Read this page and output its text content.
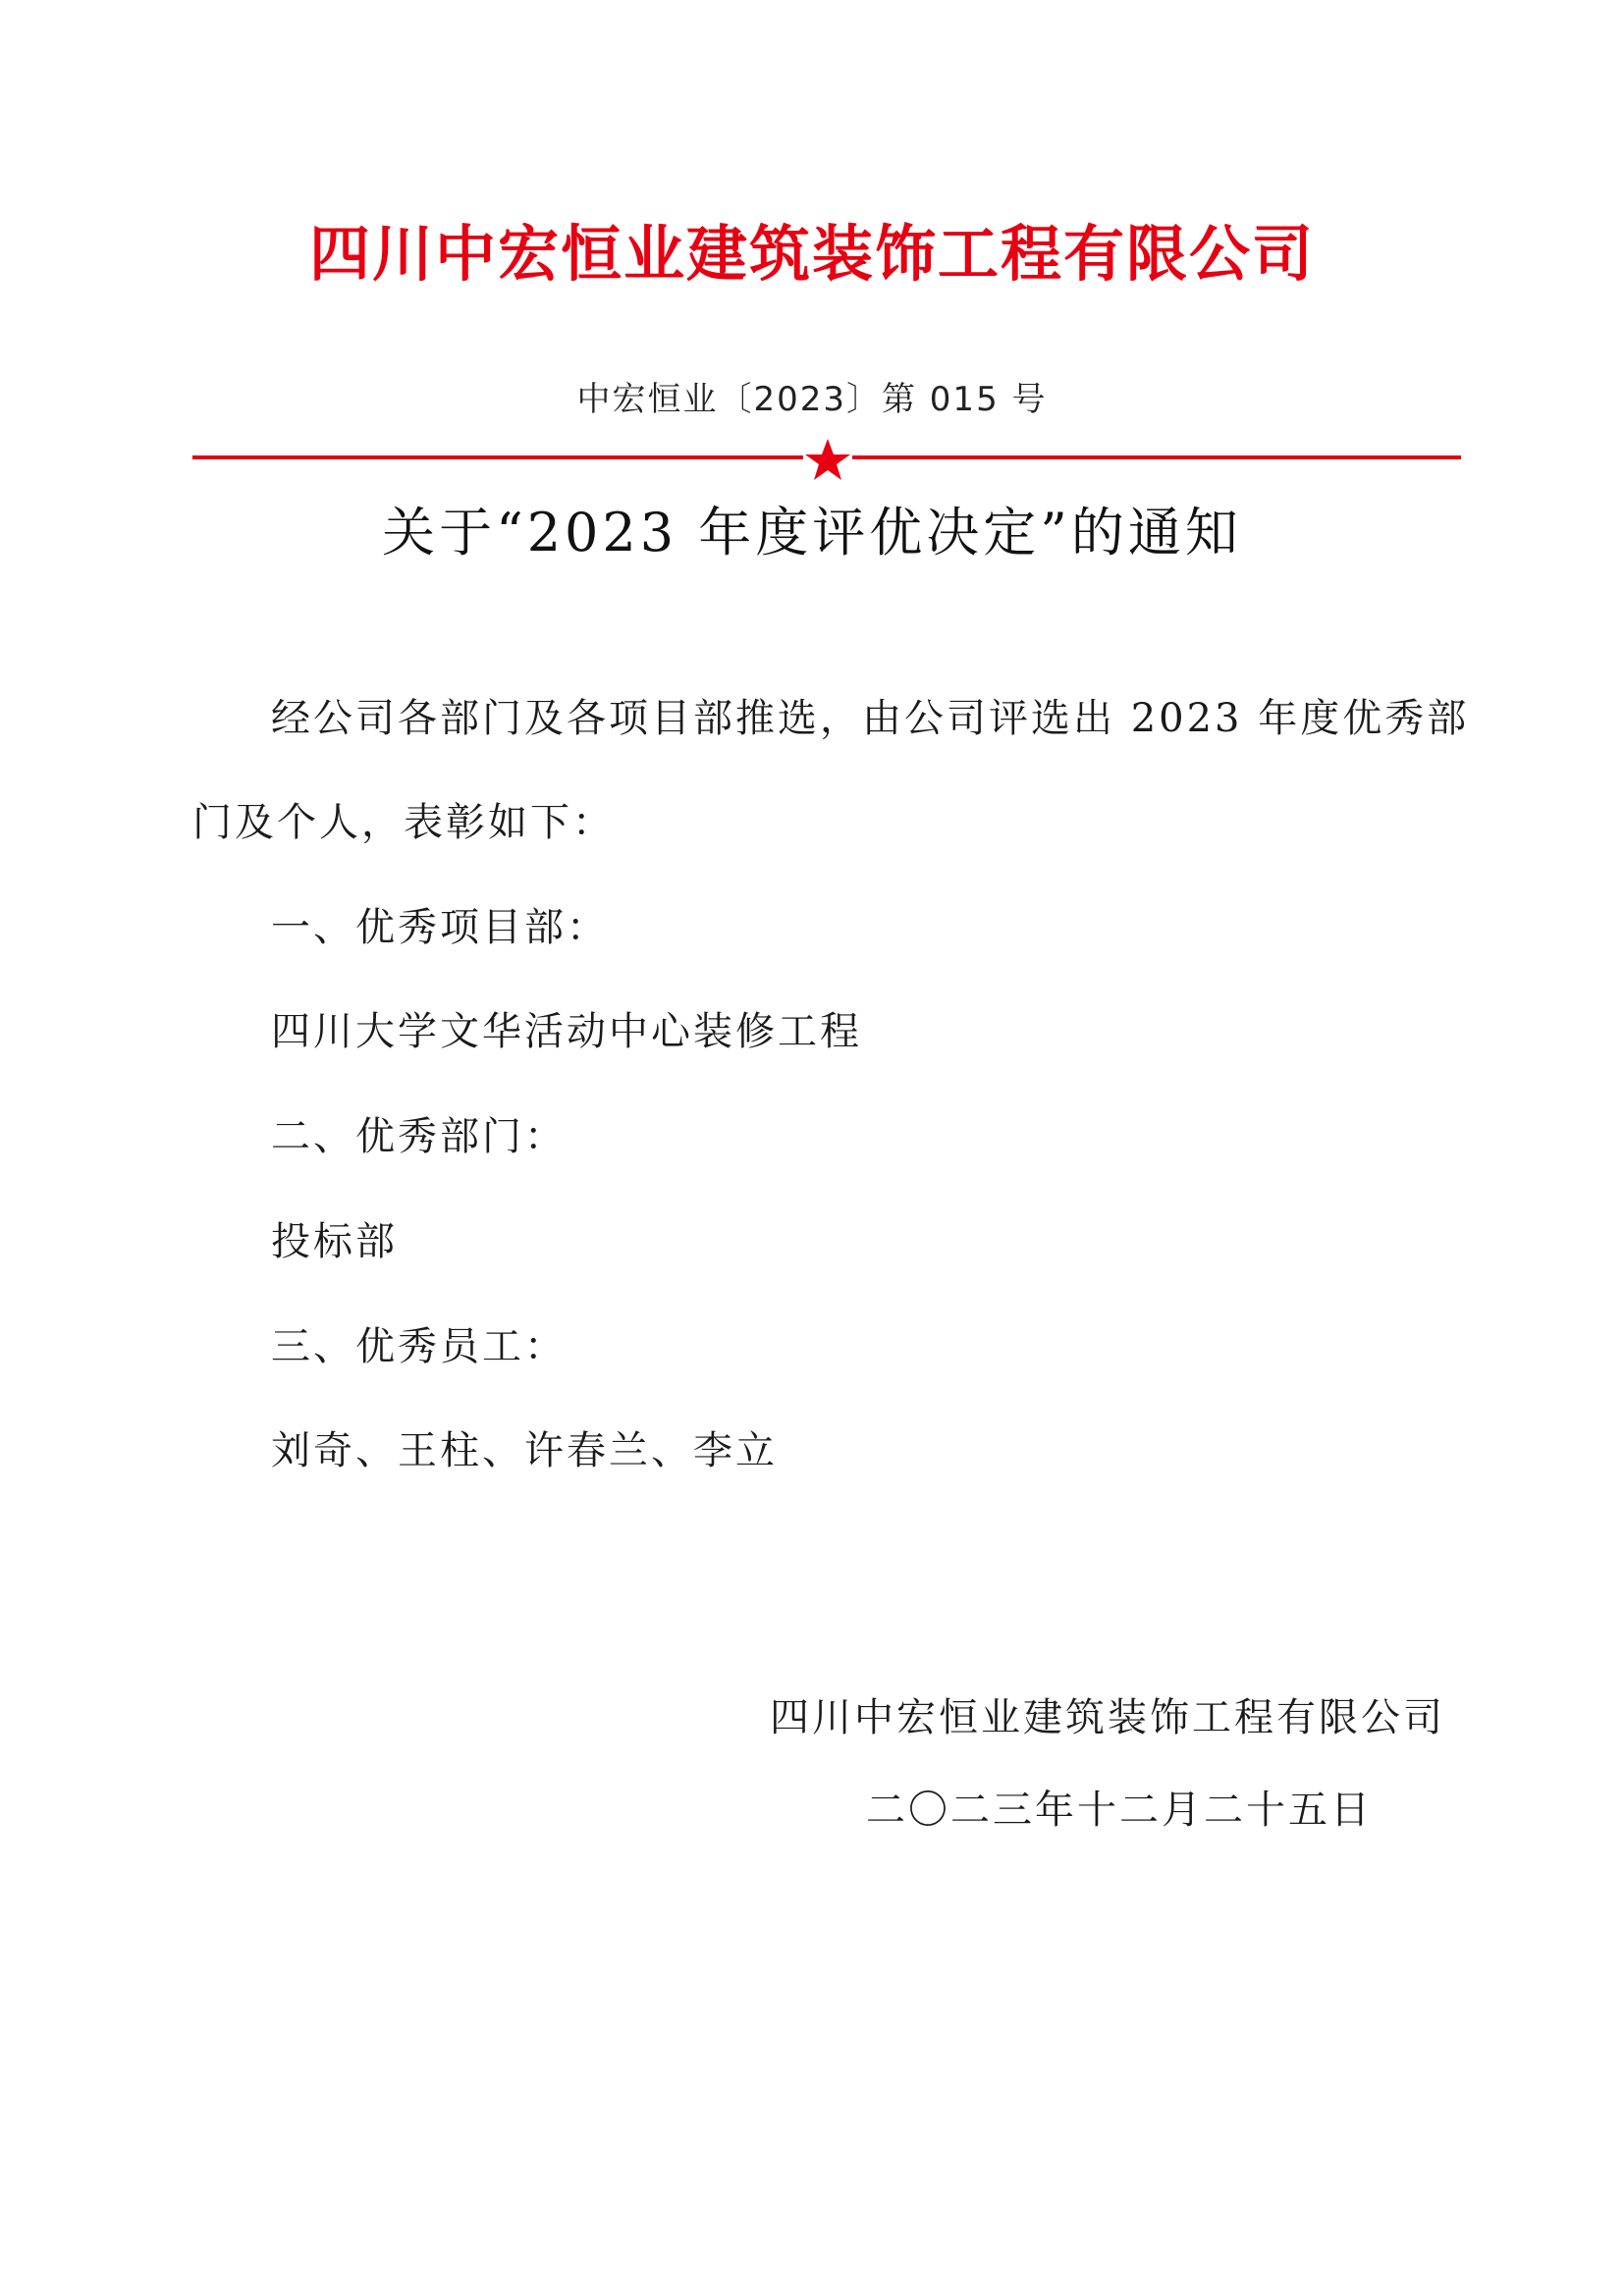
四川中宏恒业建筑装饰工程有限公司
中宏恒业〔2023〕第 015 号
关于“2023 年度评优决定”的通知
经公司各部门及各项目部推选，由公司评选出 2023 年度优秀部
门及个人，表彰如下：
一、优秀项目部：
四川大学文华活动中心装修工程
二、优秀部门：
投标部
三、优秀员工：
刘奇、王柱、许春兰、李立
四川中宏恒业建筑装饰工程有限公司
二〇二三年十二月二十五日
